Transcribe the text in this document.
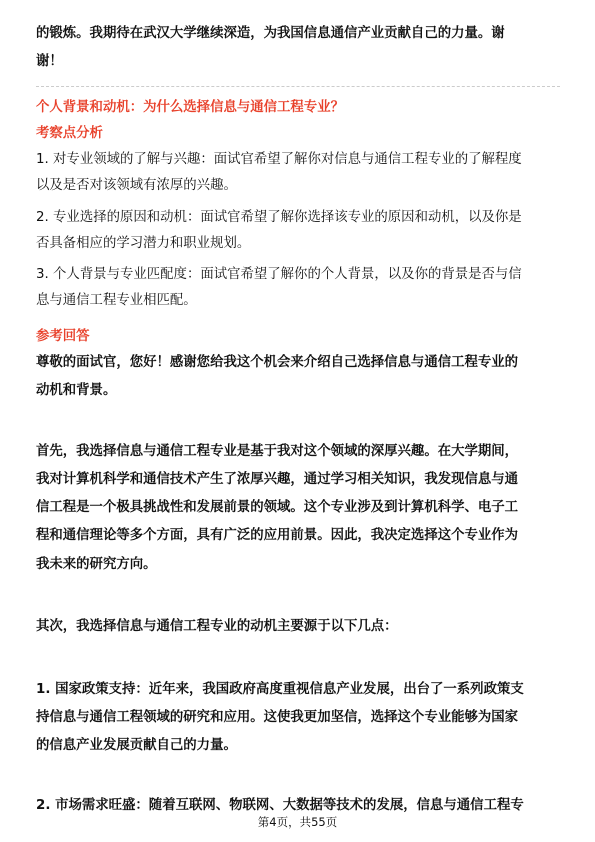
的锻炼。我期待在武汉大学继续深造，为我国信息通信产业贡献自己的力量。谢
谢！
个人背景和动机：为什么选择信息与通信工程专业？
考察点分析
1. 对专业领域的了解与兴趣：面试官希望了解你对信息与通信工程专业的了解程度
以及是否对该领域有浓厚的兴趣。
2. 专业选择的原因和动机：面试官希望了解你选择该专业的原因和动机，以及你是
否具备相应的学习潜力和职业规划。
3. 个人背景与专业匹配度：面试官希望了解你的个人背景，以及你的背景是否与信
息与通信工程专业相匹配。
参考回答
尊敬的面试官，您好！感谢您给我这个机会来介绍自己选择信息与通信工程专业的
动机和背景。
首先，我选择信息与通信工程专业是基于我对这个领域的深厚兴趣。在大学期间，
我对计算机科学和通信技术产生了浓厚兴趣，通过学习相关知识，我发现信息与通
信工程是一个极具挑战性和发展前景的领域。这个专业涉及到计算机科学、电子工
程和通信理论等多个方面，具有广泛的应用前景。因此，我决定选择这个专业作为
我未来的研究方向。
其次，我选择信息与通信工程专业的动机主要源于以下几点：
1. 国家政策支持：近年来，我国政府高度重视信息产业发展，出台了一系列政策支
持信息与通信工程领域的研究和应用。这使我更加坚信，选择这个专业能够为国家
的信息产业发展贡献自己的力量。
2. 市场需求旺盛：随着互联网、物联网、大数据等技术的发展，信息与通信工程专
第4页，共55页
